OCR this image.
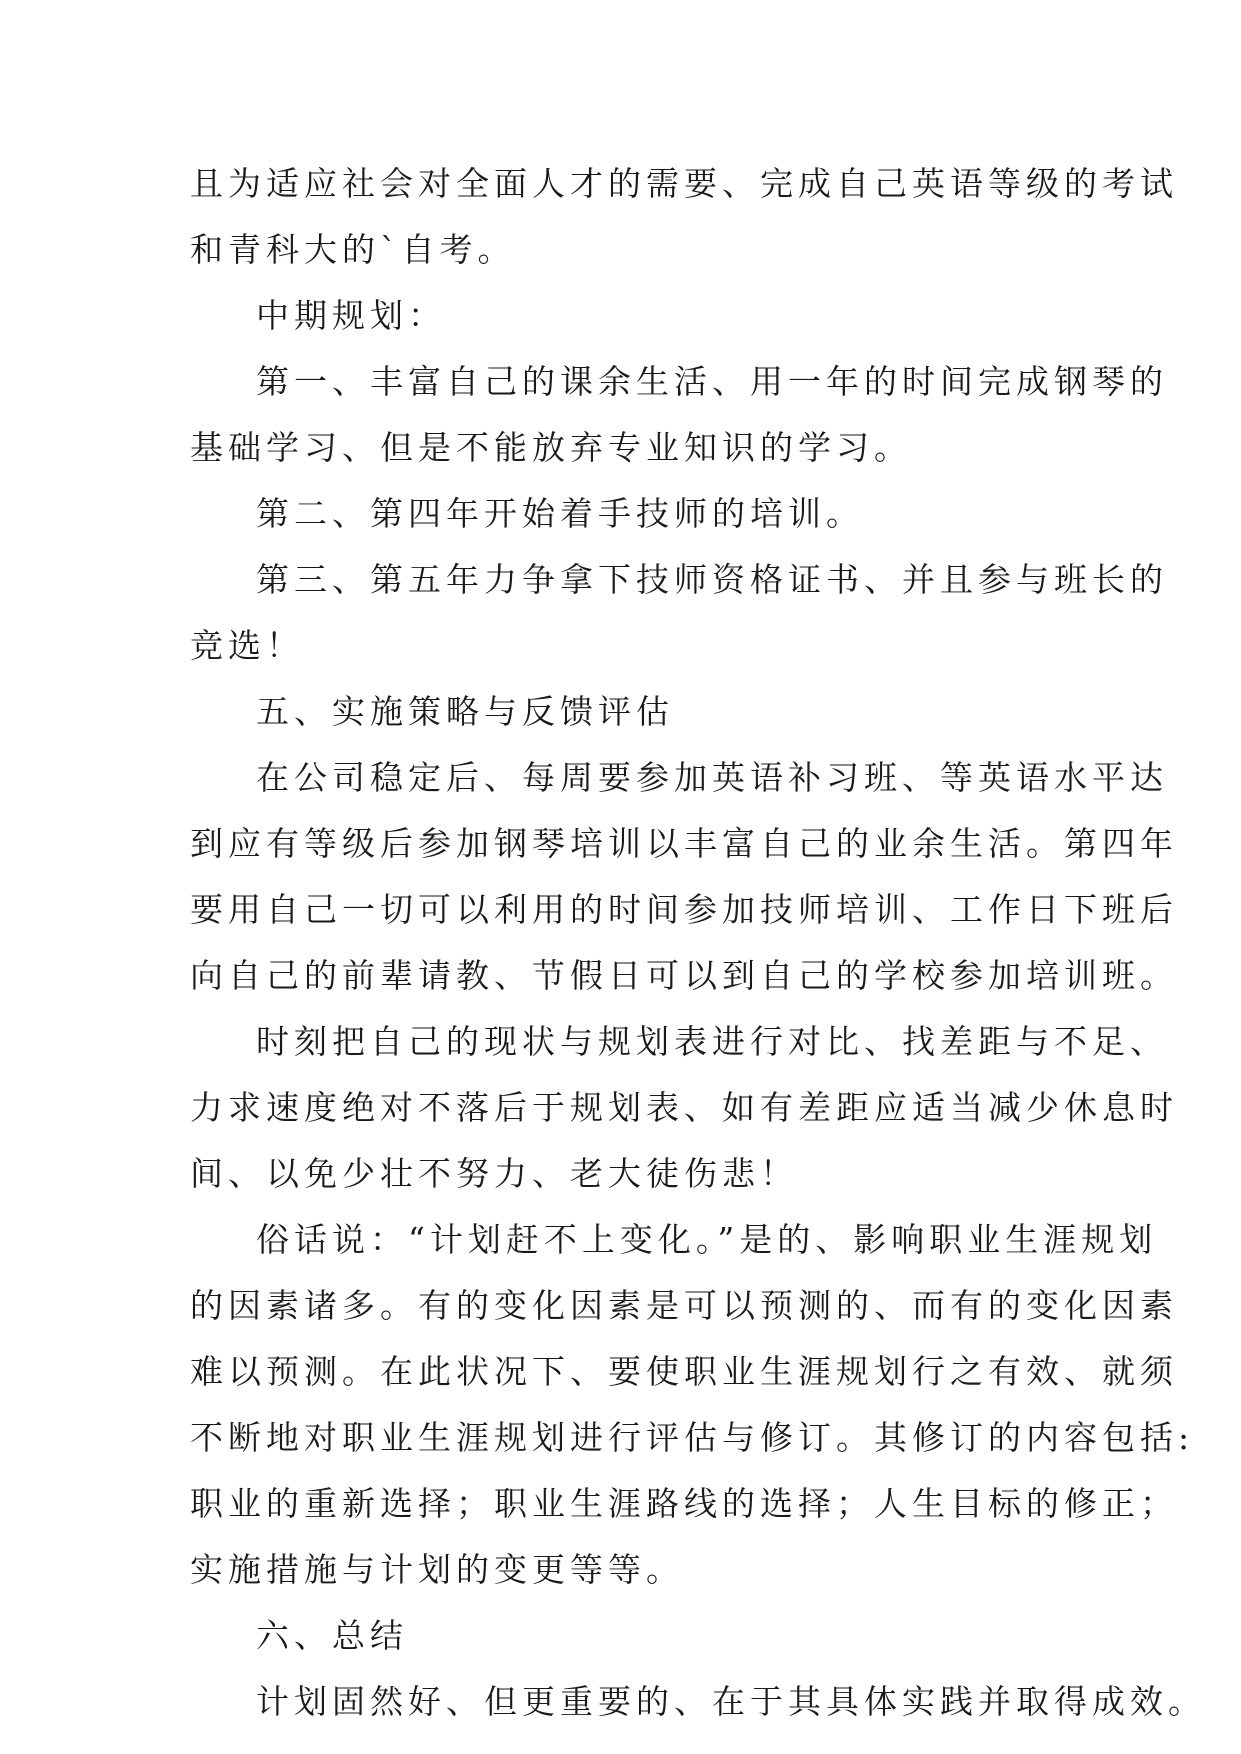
且为适应社会对全面人才的需要、完成自己英语等级的考试
和青科大的`自考。
中期规划：
第一、丰富自己的课余生活、用一年的时间完成钢琴的
基础学习、但是不能放弃专业知识的学习。
第二、第四年开始着手技师的培训。
第三、第五年力争拿下技师资格证书、并且参与班长的
竞选！
五、实施策略与反馈评估
在公司稳定后、每周要参加英语补习班、等英语水平达
到应有等级后参加钢琴培训以丰富自己的业余生活。第四年
要用自己一切可以利用的时间参加技师培训、工作日下班后
向自己的前辈请教、节假日可以到自己的学校参加培训班。
时刻把自己的现状与规划表进行对比、找差距与不足、
力求速度绝对不落后于规划表、如有差距应适当减少休息时
间、以免少壮不努力、老大徒伤悲！
俗话说：“计划赶不上变化。”是的、影响职业生涯规划
的因素诸多。有的变化因素是可以预测的、而有的变化因素
难以预测。在此状况下、要使职业生涯规划行之有效、就须
不断地对职业生涯规划进行评估与修订。其修订的内容包括:
职业的重新选择；职业生涯路线的选择；人生目标的修正；
实施措施与计划的变更等等。
六、总结
计划固然好、但更重要的、在于其具体实践并取得成效。
